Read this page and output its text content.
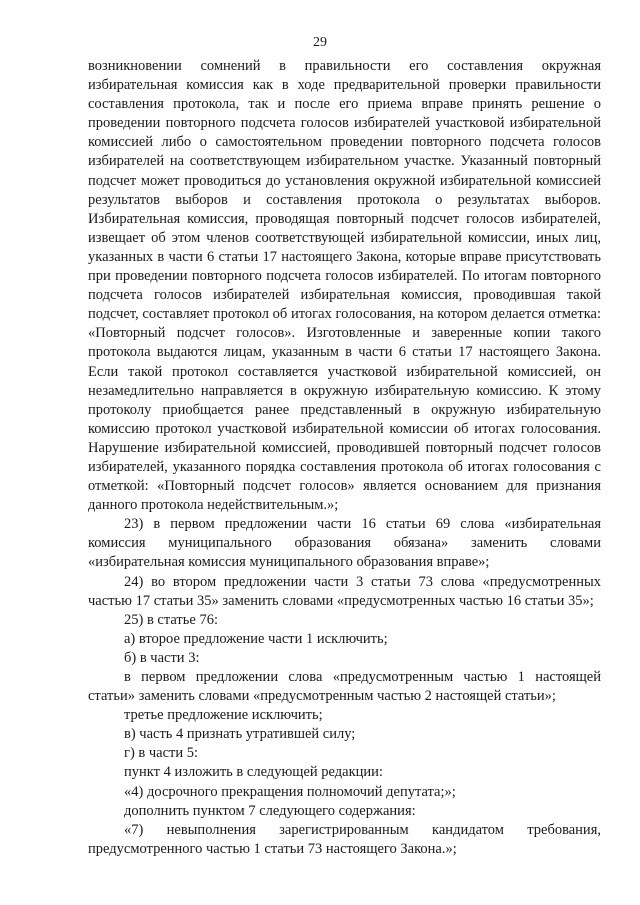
29

возникновении сомнений в правильности его составления окружная избирательная комиссия как в ходе предварительной проверки правильности составления протокола, так и после его приема вправе принять решение о проведении повторного подсчета голосов избирателей участковой избирательной комиссией либо о самостоятельном проведении повторного подсчета голосов избирателей на соответствующем избирательном участке. Указанный повторный подсчет может проводиться до установления окружной избирательной комиссией результатов выборов и составления протокола о результатах выборов. Избирательная комиссия, проводящая повторный подсчет голосов избирателей, извещает об этом членов соответствующей избирательной комиссии, иных лиц, указанных в части 6 статьи 17 настоящего Закона, которые вправе присутствовать при проведении повторного подсчета голосов избирателей. По итогам повторного подсчета голосов избирателей избирательная комиссия, проводившая такой подсчет, составляет протокол об итогах голосования, на котором делается отметка: «Повторный подсчет голосов». Изготовленные и заверенные копии такого протокола выдаются лицам, указанным в части 6 статьи 17 настоящего Закона. Если такой протокол составляется участковой избирательной комиссией, он незамедлительно направляется в окружную избирательную комиссию. К этому протоколу приобщается ранее представленный в окружную избирательную комиссию протокол участковой избирательной комиссии об итогах голосования. Нарушение избирательной комиссией, проводившей повторный подсчет голосов избирателей, указанного порядка составления протокола об итогах голосования с отметкой: «Повторный подсчет голосов» является основанием для признания данного протокола недействительным.»;

23) в первом предложении части 16 статьи 69 слова «избирательная комиссия муниципального образования обязана» заменить словами «избирательная комиссия муниципального образования вправе»;

24) во втором предложении части 3 статьи 73 слова «предусмотренных частью 17 статьи 35» заменить словами «предусмотренных частью 16 статьи 35»;

25) в статье 76:

а) второе предложение части 1 исключить;

б) в части 3:

в первом предложении слова «предусмотренным частью 1 настоящей статьи» заменить словами «предусмотренным частью 2 настоящей статьи»;

третье предложение исключить;

в) часть 4 признать утратившей силу;

г) в части 5:

пункт 4 изложить в следующей редакции:

«4) досрочного прекращения полномочий депутата;»;

дополнить пунктом 7 следующего содержания:

«7) невыполнения зарегистрированным кандидатом требования, предусмотренного частью 1 статьи 73 настоящего Закона.»;
